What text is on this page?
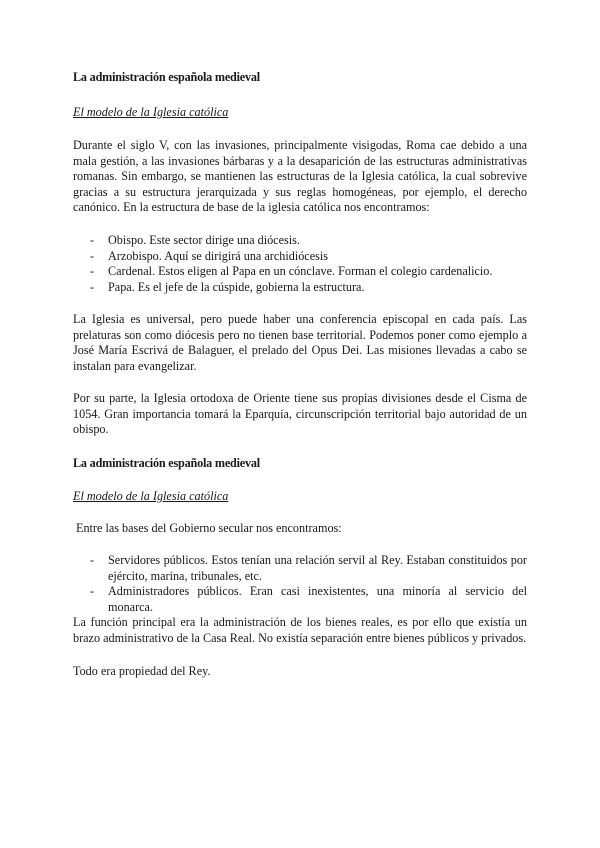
La administración española medieval
El modelo de la Iglesia católica
Durante el siglo V, con las invasiones, principalmente visigodas, Roma cae debido a una mala gestión, a las invasiones bárbaras y a la desaparición de las estructuras administrativas romanas. Sin embargo, se mantienen las estructuras de la Iglesia católica, la cual sobrevive gracias a su estructura jerarquizada y sus reglas homogéneas, por ejemplo, el derecho canónico. En la estructura de base de la iglesia católica nos encontramos:
- Obispo. Este sector dirige una diócesis.
- Arzobispo. Aquí se dirigirá una archidiócesis
- Cardenal. Estos eligen al Papa en un cónclave. Forman el colegio cardenalicio.
- Papa. Es el jefe de la cúspide, gobierna la estructura.
La Iglesia es universal, pero puede haber una conferencia episcopal en cada país. Las prelaturas son como diócesis pero no tienen base territorial. Podemos poner como ejemplo a José María Escrivá de Balaguer, el prelado del Opus Dei. Las misiones llevadas a cabo se instalan para evangelizar.
Por su parte, la Iglesia ortodoxa de Oriente tiene sus propias divisiones desde el Cisma de 1054. Gran importancia tomará la Eparquía, circunscripción territorial bajo autoridad de un obispo.
La administración española medieval
El modelo de la Iglesia católica
Entre las bases del Gobierno secular nos encontramos:
- Servidores públicos. Estos tenían una relación servil al Rey. Estaban constituidos por ejército, marina, tribunales, etc.
- Administradores públicos. Eran casi inexistentes, una minoría al servicio del monarca.
La función principal era la administración de los bienes reales, es por ello que existía un brazo administrativo de la Casa Real. No existía separación entre bienes públicos y privados.
Todo era propiedad del Rey.
